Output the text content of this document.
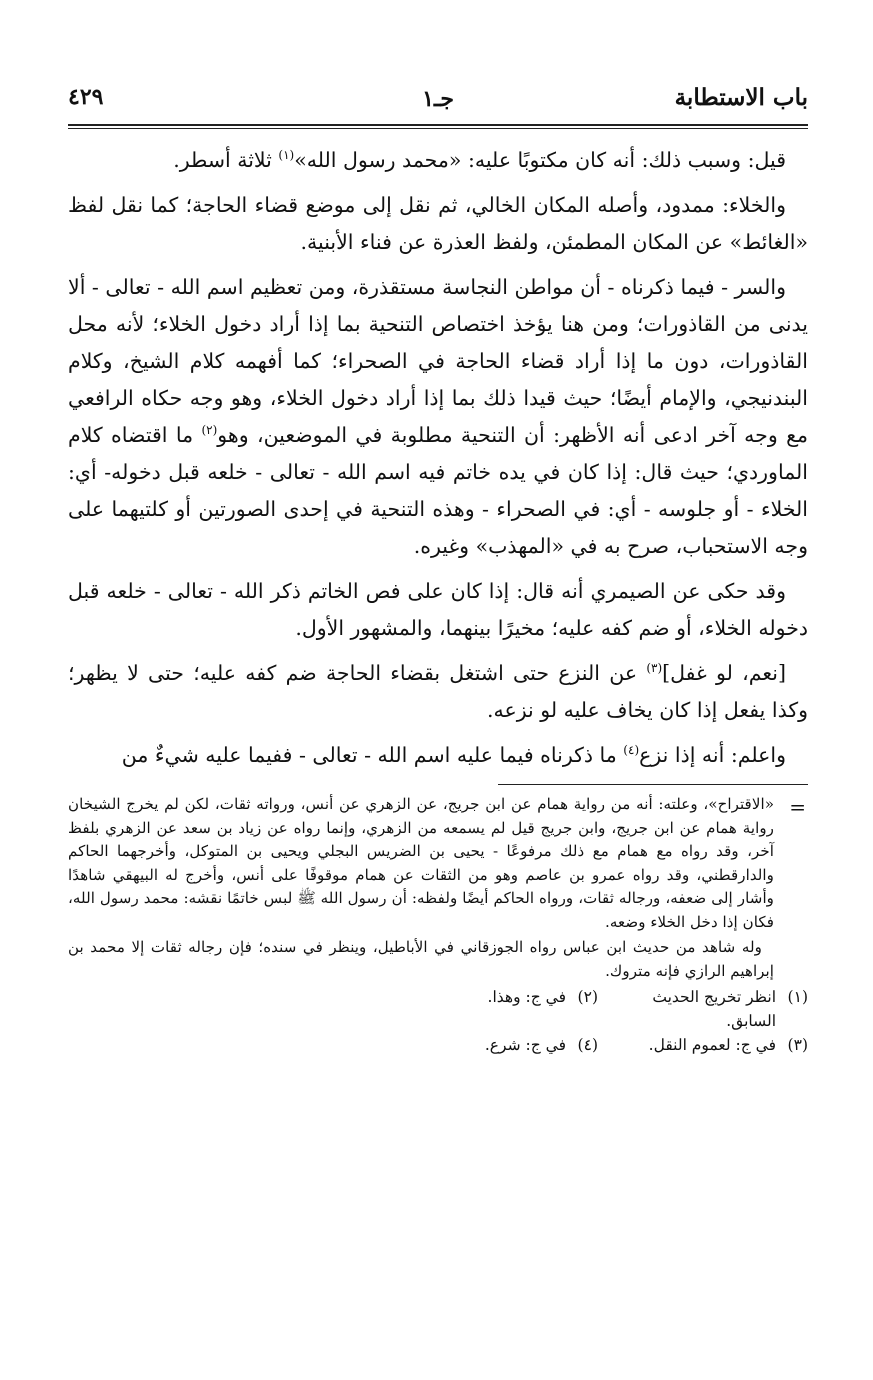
باب الاستطابة
جـ١
٤٢٩

قيل: وسبب ذلك: أنه كان مكتوبًا عليه: «محمد رسول الله»$^{(١)}$ ثلاثة أسطر.

والخلاء: ممدود، وأصله المكان الخالي، ثم نقل إلى موضع قضاء الحاجة؛ كما نقل لفظ «الغائط» عن المكان المطمئن، ولفظ العذرة عن فناء الأبنية.

والسر - فيما ذكرناه - أن مواطن النجاسة مستقذرة، ومن تعظيم اسم الله - تعالى - ألا يدنى من القاذورات؛ ومن هنا يؤخذ اختصاص التنحية بما إذا أراد دخول الخلاء؛ لأنه محل القاذورات، دون ما إذا أراد قضاء الحاجة في الصحراء؛ كما أفهمه كلام الشيخ، وكلام البندنيجي، والإمام أيضًا؛ حيث قيدا ذلك بما إذا أراد دخول الخلاء، وهو وجه حكاه الرافعي مع وجه آخر ادعى أنه الأظهر: أن التنحية مطلوبة في الموضعين، وهو$^{(٢)}$ ما اقتضاه كلام الماوردي؛ حيث قال: إذا كان في يده خاتم فيه اسم الله - تعالى - خلعه قبل دخوله- أي: الخلاء - أو جلوسه - أي: في الصحراء - وهذه التنحية في إحدى الصورتين أو كلتيهما على وجه الاستحباب، صرح به في «المهذب» وغيره.

وقد حكى عن الصيمري أنه قال: إذا كان على فص الخاتم ذكر الله - تعالى - خلعه قبل دخوله الخلاء، أو ضم كفه عليه؛ مخيرًا بينهما، والمشهور الأول.

[نعم، لو غفل]$^{(٣)}$ عن النزع حتى اشتغل بقضاء الحاجة ضم كفه عليه؛ حتى لا يظهر؛ وكذا يفعل إذا كان يخاف عليه لو نزعه.

واعلم: أنه إذا نزع$^{(٤)}$ ما ذكرناه فيما عليه اسم الله - تعالى - ففيما عليه شيءٌ من

=

«الاقتراح»، وعلته: أنه من رواية همام عن ابن جريج، عن الزهري عن أنس، ورواته ثقات، لكن لم يخرج الشيخان رواية همام عن ابن جريج، وابن جريج قيل لم يسمعه من الزهري، وإنما رواه عن زياد بن سعد عن الزهري بلفظ آخر، وقد رواه مع همام مع ذلك مرفوعًا - يحيى بن الضريس البجلي ويحيى بن المتوكل، وأخرجهما الحاكم والدارقطني، وقد رواه عمرو بن عاصم وهو من الثقات عن همام موقوفًا على أنس، وأخرج له البيهقي شاهدًا وأشار إلى ضعفه، ورجاله ثقات، ورواه الحاكم أيضًا ولفظه: أن رسول الله ﷺ لبس خاتمًا نقشه: محمد رسول الله، فكان إذا دخل الخلاء وضعه.

وله شاهد من حديث ابن عباس رواه الجوزقاني في الأباطيل، وينظر في سنده؛ فإن رجاله ثقات إلا محمد بن إبراهيم الرازي فإنه متروك.

(١)
انظر تخريج الحديث السابق.
(٢)
في ج: وهذا.
(٣)
في ج: لعموم النقل.
(٤)
في ج: شرع.
